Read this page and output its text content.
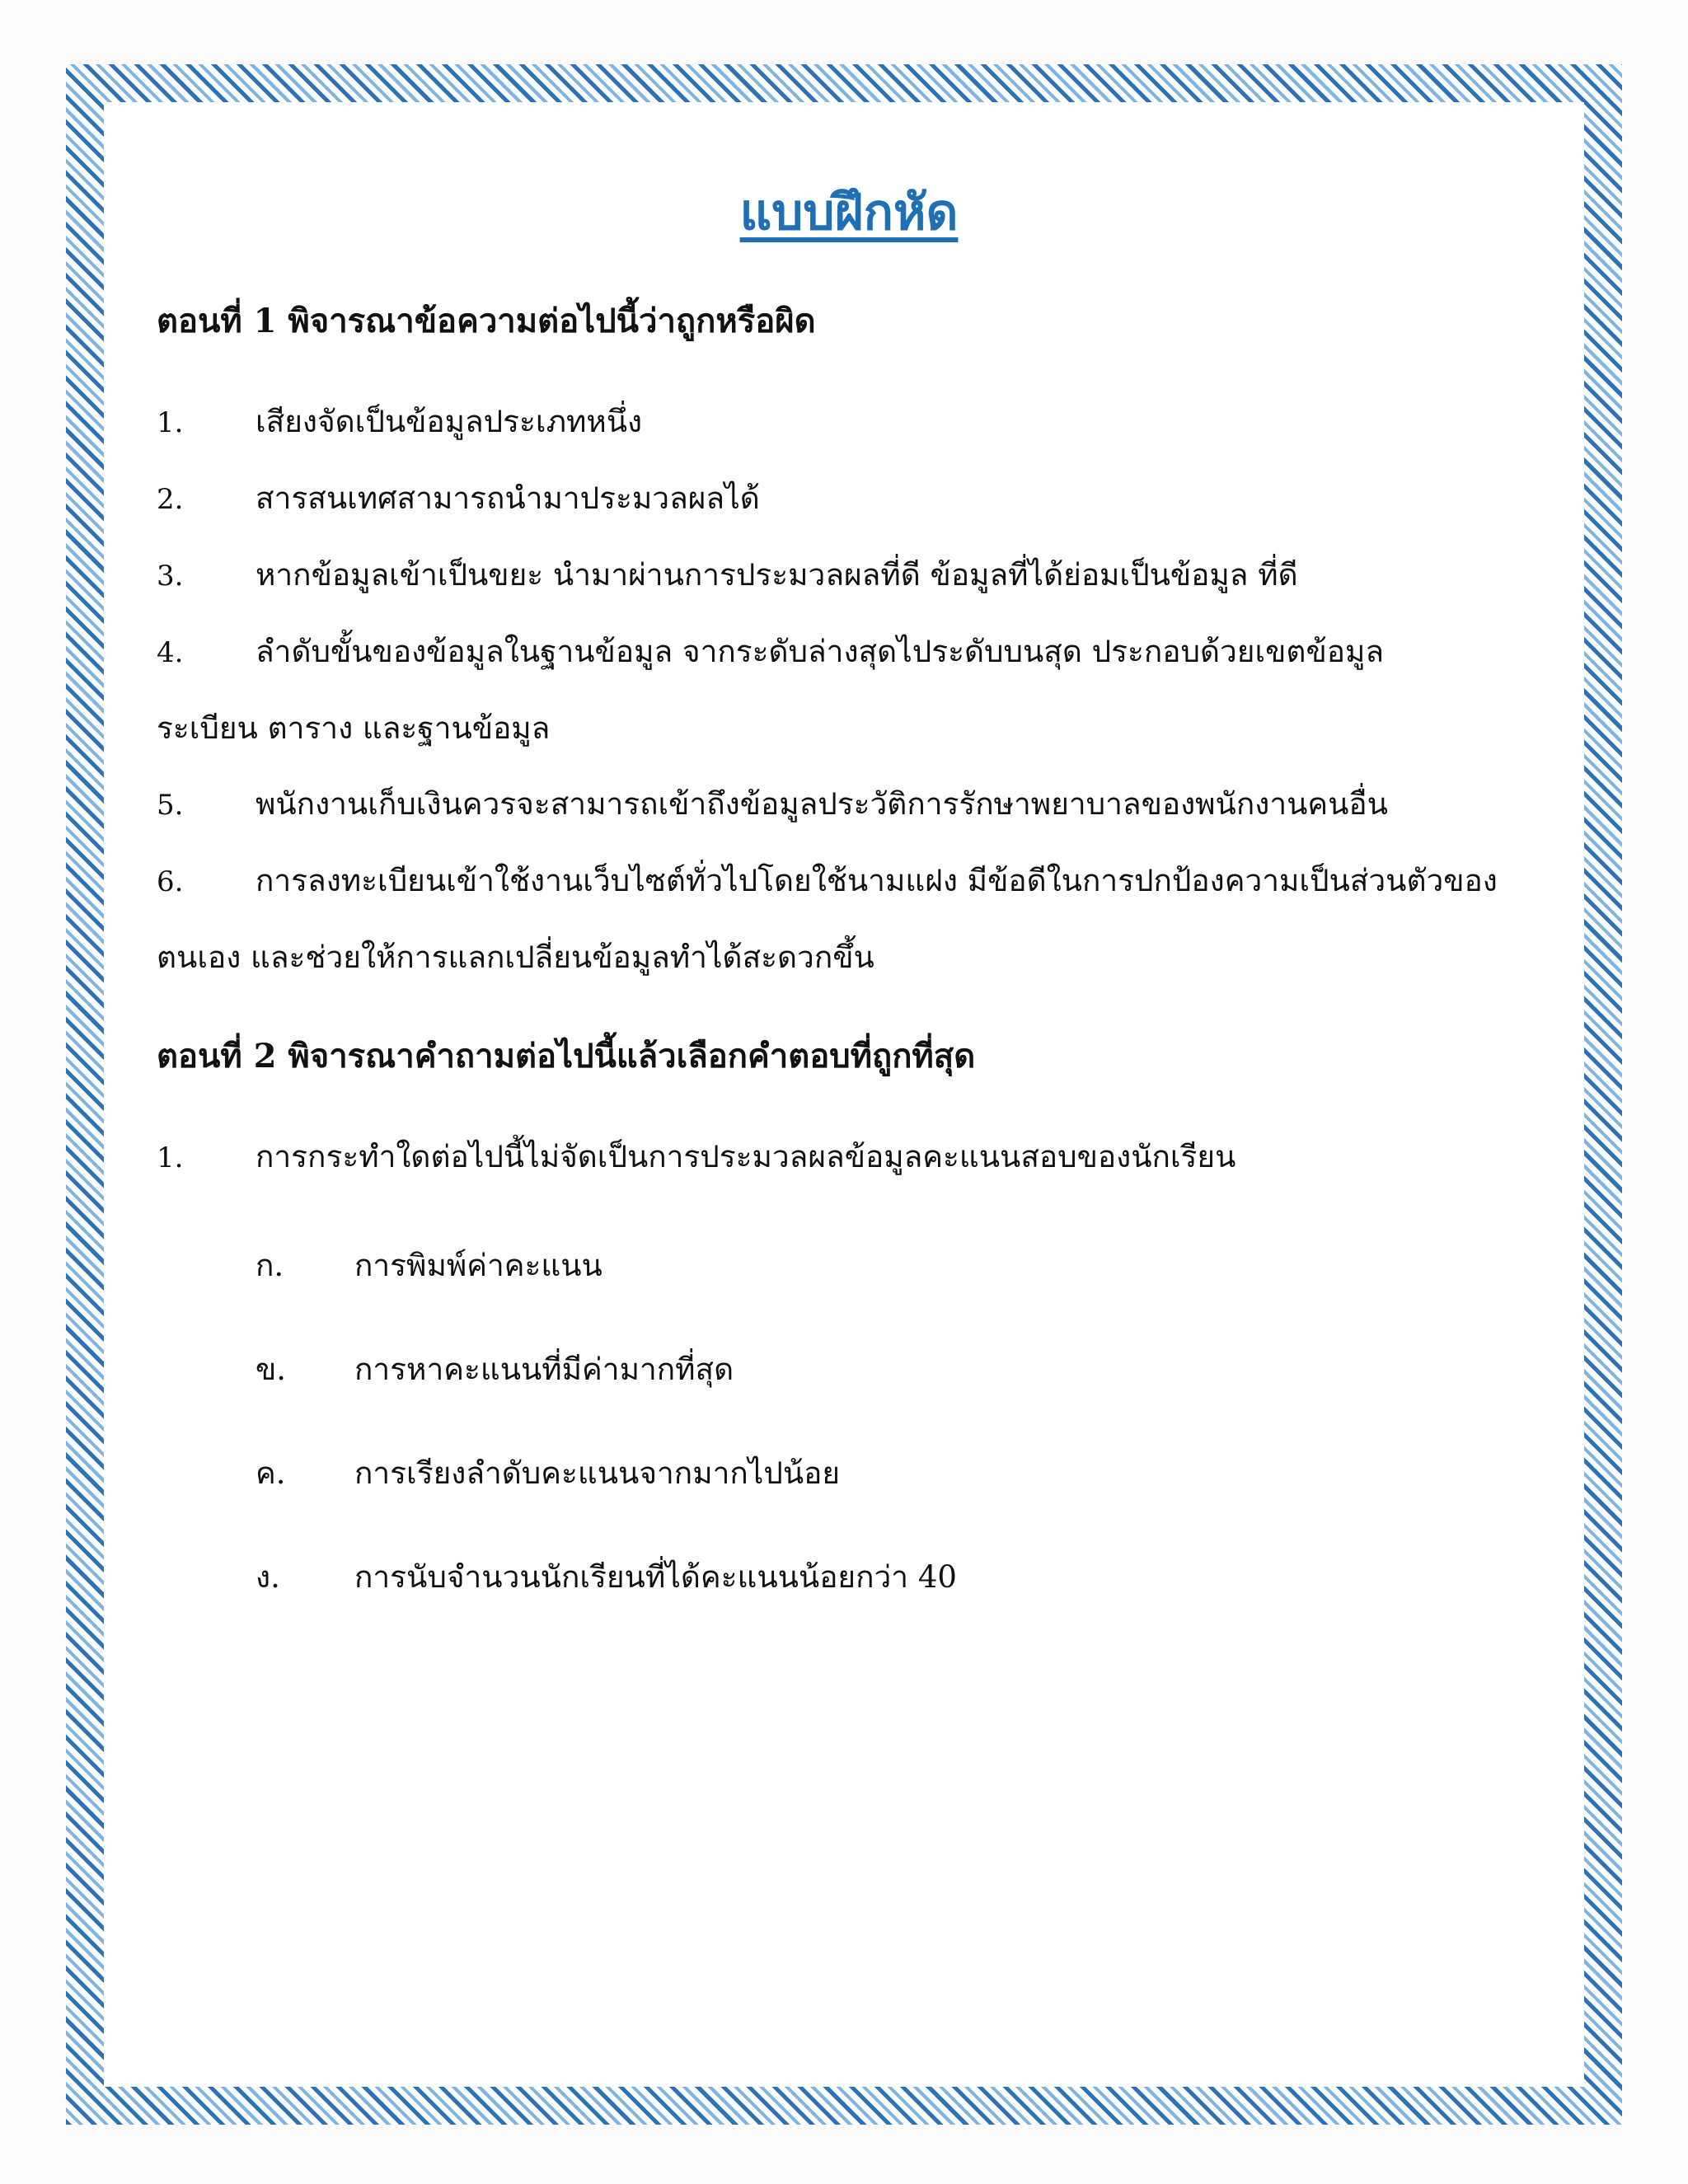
แบบฝึกหัด
ตอนที่ 1 พิจารณาข้อความต่อไปนี้ว่าถูกหรือผิด

1. เสียงจัดเป็นข้อมูลประเภทหนึ่ง

2. สารสนเทศสามารถนำมาประมวลผลได้

3. หากข้อมูลเข้าเป็นขยะ นำมาผ่านการประมวลผลที่ดี ข้อมูลที่ได้ย่อมเป็นข้อมูล ที่ดี

4. ลำดับขั้นของข้อมูลในฐานข้อมูล จากระดับล่างสุดไประดับบนสุด ประกอบด้วยเขตข้อมูล
ระเบียน ตาราง และฐานข้อมูล

5. พนักงานเก็บเงินควรจะสามารถเข้าถึงข้อมูลประวัติการรักษาพยาบาลของพนักงานคนอื่น

6. การลงทะเบียนเข้าใช้งานเว็บไซต์ทั่วไปโดยใช้นามแฝง มีข้อดีในการปกป้องความเป็นส่วนตัวของ
ตนเอง และช่วยให้การแลกเปลี่ยนข้อมูลทำได้สะดวกขึ้น

ตอนที่ 2 พิจารณาคำถามต่อไปนี้แล้วเลือกคำตอบที่ถูกที่สุด

1. การกระทำใดต่อไปนี้ไม่จัดเป็นการประมวลผลข้อมูลคะแนนสอบของนักเรียน

ก. การพิมพ์ค่าคะแนน

ข. การหาคะแนนที่มีค่ามากที่สุด

ค. การเรียงลำดับคะแนนจากมากไปน้อย

ง. การนับจำนวนนักเรียนที่ได้คะแนนน้อยกว่า 40
